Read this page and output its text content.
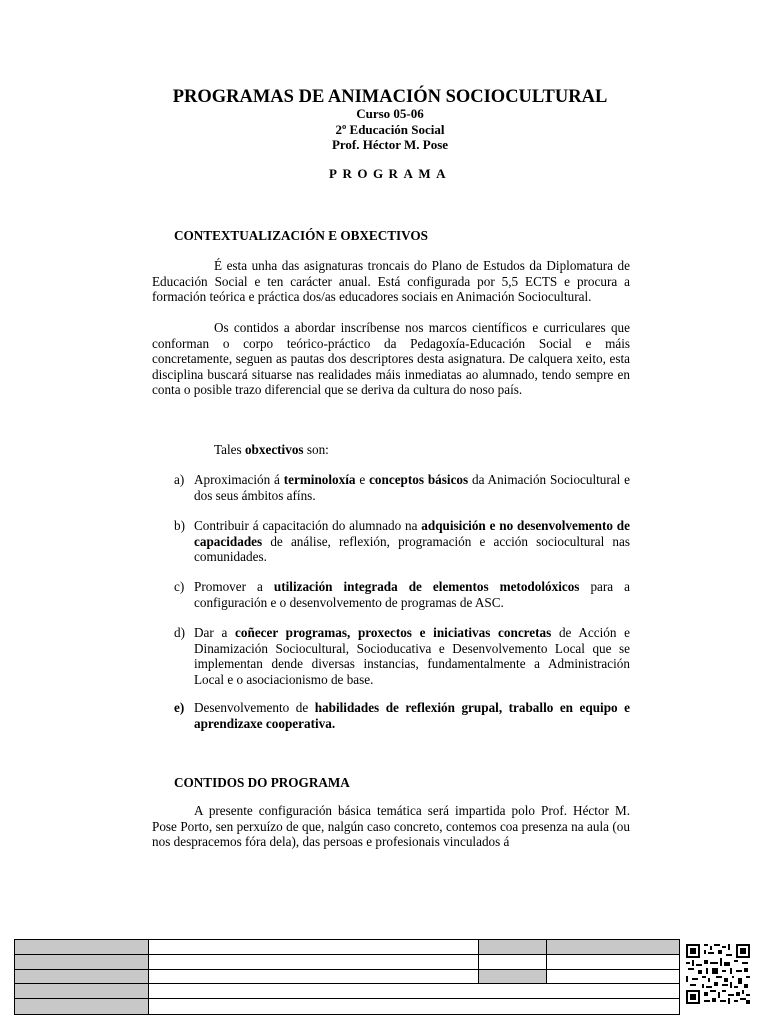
PROGRAMAS DE ANIMACIÓN SOCIOCULTURAL
Curso 05-06
2º Educación Social
Prof. Héctor M. Pose
PROGRAMA
CONTEXTUALIZACIÓN E OBXECTIVOS

É esta unha das asignaturas troncais do Plano de Estudos da Diplomatura de Educación Social e ten carácter anual. Está configurada por 5,5 ECTS e procura a formación teórica e práctica dos/as educadores sociais en Animación Sociocultural.

Os contidos a abordar inscríbense nos marcos científicos e curriculares que conforman o corpo teórico-práctico da Pedagoxía-Educación Social e máis concretamente, seguen as pautas dos descriptores desta asignatura. De calquera xeito, esta disciplina buscará situarse nas realidades máis inmediatas ao alumnado, tendo sempre en conta o posible trazo diferencial que se deriva da cultura do noso país.

Tales obxectivos son:

a) Aproximación á terminoloxía e conceptos básicos da Animación Sociocultural e dos seus ámbitos afíns.
b) Contribuir á capacitación do alumnado na adquisición e no desenvolvemento de capacidades de análise, reflexión, programación e acción sociocultural nas comunidades.
c) Promover a utilización integrada de elementos metodolóxicos para a configuración e o desenvolvemento de programas de ASC.
d) Dar a coñecer programas, proxectos e iniciativas concretas de Acción e Dinamización Sociocultural, Socioducativa e Desenvolvemento Local que se implementan dende diversas instancias, fundamentalmente a Administración Local e o asociacionismo de base.
e) Desenvolvemento de habilidades de reflexión grupal, traballo en equipo e aprendizaxe cooperativa.
CONTIDOS DO PROGRAMA

A presente configuración básica temática será impartida polo Prof. Héctor M. Pose Porto, sen perxuízo de que, nalgún caso concreto, contemos coa presenza na aula (ou nos despracemos fóra dela), das persoas e profesionais vinculados á
